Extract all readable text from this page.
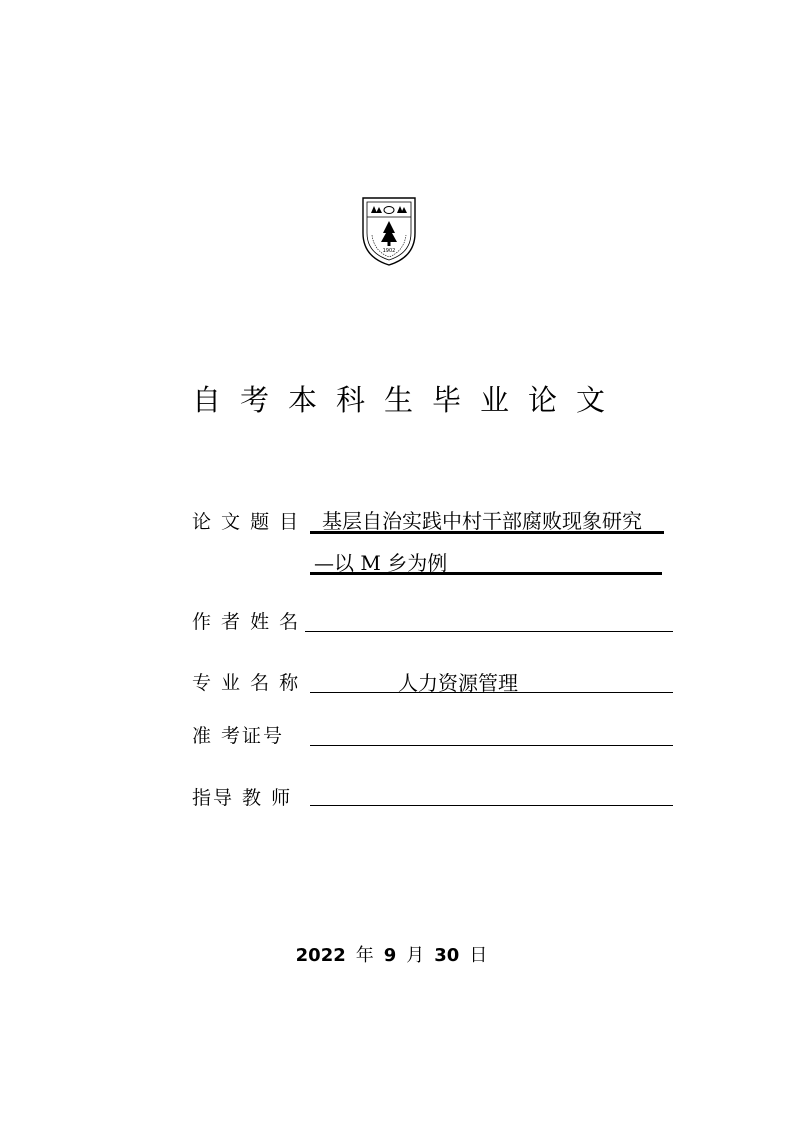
1902
自考本科生毕业论文
论 文 题 目 基层自治实践中村干部腐败现象研究
—以 M 乡为例
作 者 姓 名
专 业 名 称	人力资源管理
准 考证号
指导 教 师
2022 年 9 月 30 日
